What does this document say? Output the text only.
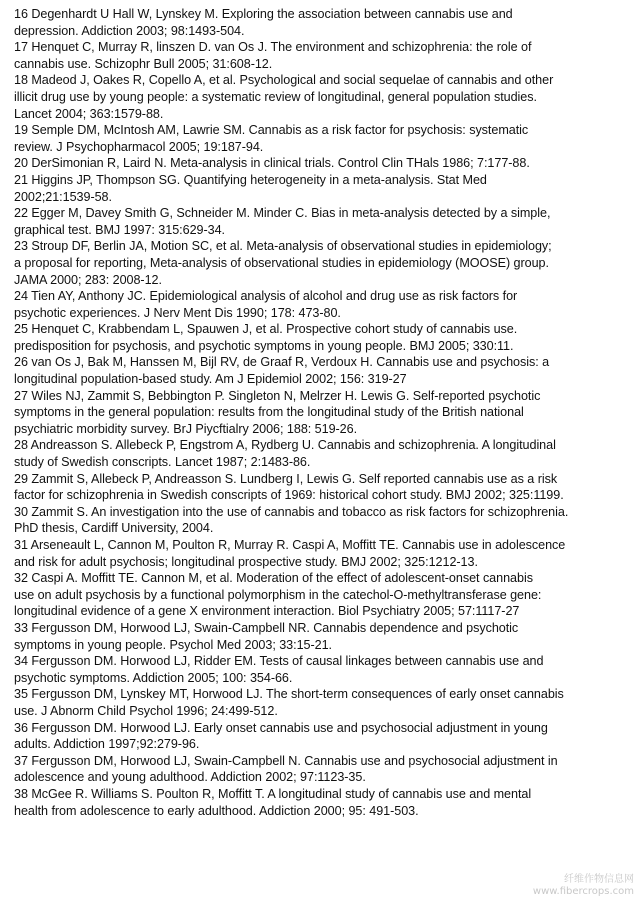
16 Degenhardt U Hall W, Lynskey M. Exploring the association between cannabis use and
depression. Addiction 2003; 98:1493-504.
17 Henquet C, Murray R, linszen D. van Os J. The environment and schizophrenia: the role of
cannabis use. Schizophr Bull 2005; 31:608-12.
18 Madeod J, Oakes R, Copello A, et al. Psychological and social sequelae of cannabis and other
illicit drug use by young people: a systematic review of longitudinal, general population studies.
Lancet 2004; 363:1579-88.
19 Semple DM, McIntosh AM, Lawrie SM. Cannabis as a risk factor for psychosis: systematic
review. J Psychopharmacol 2005; 19:187-94.
20 DerSimonian R, Laird N. Meta-analysis in clinical trials. Control Clin THals 1986; 7:177-88.
21 Higgins JP, Thompson SG. Quantifying heterogeneity in a meta-analysis. Stat Med
2002;21:1539-58.
22 Egger M, Davey Smith G, Schneider M. Minder C. Bias in meta-analysis detected by a simple,
graphical test. BMJ 1997: 315:629-34.
23 Stroup DF, Berlin JA, Motion SC, et al. Meta-analysis of observational studies in epidemiology;
a proposal for reporting, Meta-analysis of observational studies in epidemiology (MOOSE) group.
JAMA 2000; 283: 2008-12.
24 Tien AY, Anthony JC. Epidemiological analysis of alcohol and drug use as risk factors for
psychotic experiences. J Nerv Ment Dis 1990; 178: 473-80.
25 Henquet C, Krabbendam L, Spauwen J, et al. Prospective cohort study of cannabis use.
predisposition for psychosis, and psychotic symptoms in young people. BMJ 2005; 330:11.
26 van Os J, Bak M, Hanssen M, Bijl RV, de Graaf R, Verdoux H. Cannabis use and psychosis: a
longitudinal population-based study. Am J Epidemiol 2002; 156: 319-27
27 Wiles NJ, Zammit S, Bebbington P. Singleton N, Melrzer H. Lewis G. Self-reported psychotic
symptoms in the general population: results from the longitudinal study of the British national
psychiatric morbidity survey. BrJ Piycftialry 2006; 188: 519-26.
28 Andreasson S. Allebeck P, Engstrom A, Rydberg U. Cannabis and schizophrenia. A longitudinal
study of Swedish conscripts. Lancet 1987; 2:1483-86.
29 Zammit S, Allebeck P, Andreasson S. Lundberg I, Lewis G. Self reported cannabis use as a risk
factor for schizophrenia in Swedish conscripts of 1969: historical cohort study. BMJ 2002; 325:1199.
30 Zammit S. An investigation into the use of cannabis and tobacco as risk factors for schizophrenia.
PhD thesis, Cardiff University, 2004.
31 Arseneault L, Cannon M, Poulton R, Murray R. Caspi A, Moffitt TE. Cannabis use in adolescence
and risk for adult psychosis; longitudinal prospective study. BMJ 2002; 325:1212-13.
32 Caspi A. Moffitt TE. Cannon M, et al. Moderation of the effect of adolescent-onset cannabis
use on adult psychosis by a functional polymorphism in the catechol-O-methyltransferase gene:
longitudinal evidence of a gene X environment interaction. Biol Psychiatry 2005; 57:1117-27
33 Fergusson DM, Horwood LJ, Swain-Campbell NR. Cannabis dependence and psychotic
symptoms in young people. Psychol Med 2003; 33:15-21.
34 Fergusson DM. Horwood LJ, Ridder EM. Tests of causal linkages between cannabis use and
psychotic symptoms. Addiction 2005; 100: 354-66.
35 Fergusson DM, Lynskey MT, Horwood LJ. The short-term consequences of early onset cannabis
use. J Abnorm Child Psychol 1996; 24:499-512.
36 Fergusson DM. Horwood LJ. Early onset cannabis use and psychosocial adjustment in young
adults. Addiction 1997;92:279-96.
37 Fergusson DM, Horwood LJ, Swain-Campbell N. Cannabis use and psychosocial adjustment in
adolescence and young adulthood. Addiction 2002; 97:1123-35.
38 McGee R. Williams S. Poulton R, Moffitt T. A longitudinal study of cannabis use and mental
health from adolescence to early adulthood. Addiction 2000; 95: 491-503.
纤维作物信息网
www.fibercrops.com
